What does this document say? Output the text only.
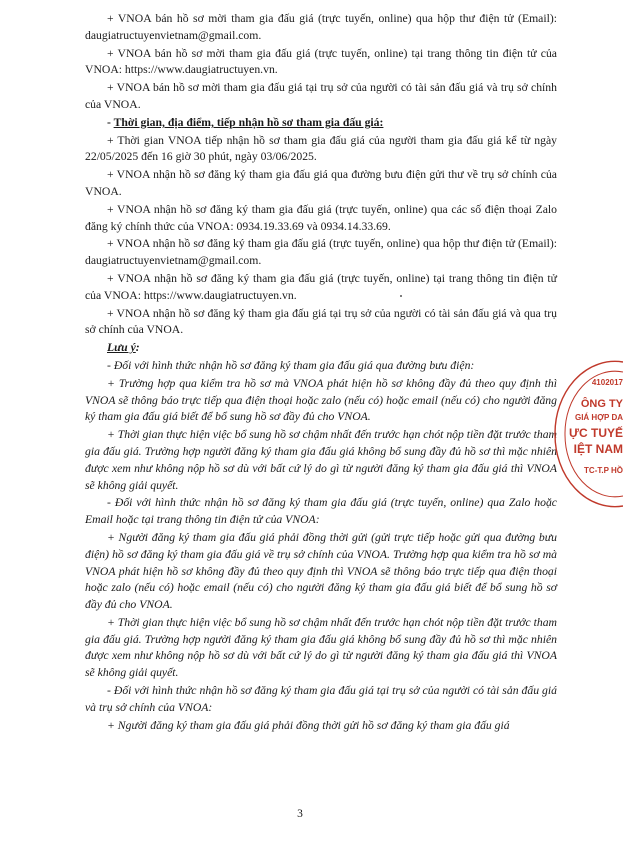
+ VNOA bán hồ sơ mời tham gia đấu giá (trực tuyến, online) qua hộp thư điện tử (Email): daugiatructuyenvietnam@gmail.com.

+ VNOA bán hồ sơ mời tham gia đấu giá (trực tuyến, online) tại trang thông tin điện tử của VNOA: https://www.daugiatructuyen.vn.

+ VNOA bán hồ sơ mời tham gia đấu giá tại trụ sở của người có tài sản đấu giá và trụ sở chính của VNOA.

- Thời gian, địa điểm, tiếp nhận hồ sơ tham gia đấu giá:

+ Thời gian VNOA tiếp nhận hồ sơ tham gia đấu giá của người tham gia đấu giá kể từ ngày 22/05/2025 đến 16 giờ 30 phút, ngày 03/06/2025.

+ VNOA nhận hồ sơ đăng ký tham gia đấu giá qua đường bưu điện gửi thư về trụ sở chính của VNOA.

+ VNOA nhận hồ sơ đăng ký tham gia đấu giá (trực tuyến, online) qua các số điện thoại Zalo đăng ký chính thức của VNOA: 0934.19.33.69 và 0934.14.33.69.

+ VNOA nhận hồ sơ đăng ký tham gia đấu giá (trực tuyến, online) qua hộp thư điện tử (Email): daugiatructuyenvietnam@gmail.com.

+ VNOA nhận hồ sơ đăng ký tham gia đấu giá (trực tuyến, online) tại trang thông tin điện tử của VNOA: https://www.daugiatructuyen.vn.

+ VNOA nhận hồ sơ đăng ký tham gia đấu giá tại trụ sở của người có tài sản đấu giá và qua trụ sở chính của VNOA.

Lưu ý:

- Đối với hình thức nhận hồ sơ đăng ký tham gia đấu giá qua đường bưu điện:

+ Trường hợp qua kiểm tra hồ sơ mà VNOA phát hiện hồ sơ không đầy đủ theo quy định thì VNOA sẽ thông báo trực tiếp qua điện thoại hoặc zalo (nếu có) hoặc email (nếu có) cho người đăng ký tham gia đấu giá biết để bổ sung hồ sơ đầy đủ cho VNOA.

+ Thời gian thực hiện việc bổ sung hồ sơ chậm nhất đến trước hạn chót nộp tiền đặt trước tham gia đấu giá. Trường hợp người đăng ký tham gia đấu giá không bổ sung đầy đủ hồ sơ thì mặc nhiên được xem như không nộp hồ sơ dù với bất cứ lý do gì từ người đăng ký tham gia đấu giá thì VNOA sẽ không giải quyết.

- Đối với hình thức nhận hồ sơ đăng ký tham gia đấu giá (trực tuyến, online) qua Zalo hoặc Email hoặc tại trang thông tin điện tử của VNOA:

+ Người đăng ký tham gia đấu giá phải đồng thời gửi (gửi trực tiếp hoặc gửi qua đường bưu điện) hồ sơ đăng ký tham gia đấu giá về trụ sở chính của VNOA. Trường hợp qua kiểm tra hồ sơ mà VNOA phát hiện hồ sơ không đầy đủ theo quy định thì VNOA sẽ thông báo trực tiếp qua điện thoại hoặc zalo (nếu có) hoặc email (nếu có) cho người đăng ký tham gia đấu giá biết để bổ sung hồ sơ đầy đủ cho VNOA.

+ Thời gian thực hiện việc bổ sung hồ sơ chậm nhất đến trước hạn chót nộp tiền đặt trước tham gia đấu giá. Trường hợp người đăng ký tham gia đấu giá không bổ sung đầy đủ hồ sơ thì mặc nhiên được xem như không nộp hồ sơ dù với bất cứ lý do gì từ người đăng ký tham gia đấu giá thì VNOA sẽ không giải quyết.

- Đối với hình thức nhận hồ sơ đăng ký tham gia đấu giá tại trụ sở của người có tài sản đấu giá và trụ sở chính của VNOA:

+ Người đăng ký tham gia đấu giá phải đồng thời gửi hồ sơ đăng ký tham gia đấu giá

4102017
ÔNG TY
GIÁ HỢP DA
ỰC TUYẾ
IỆT NAM
TC-T.P HỒ
3
